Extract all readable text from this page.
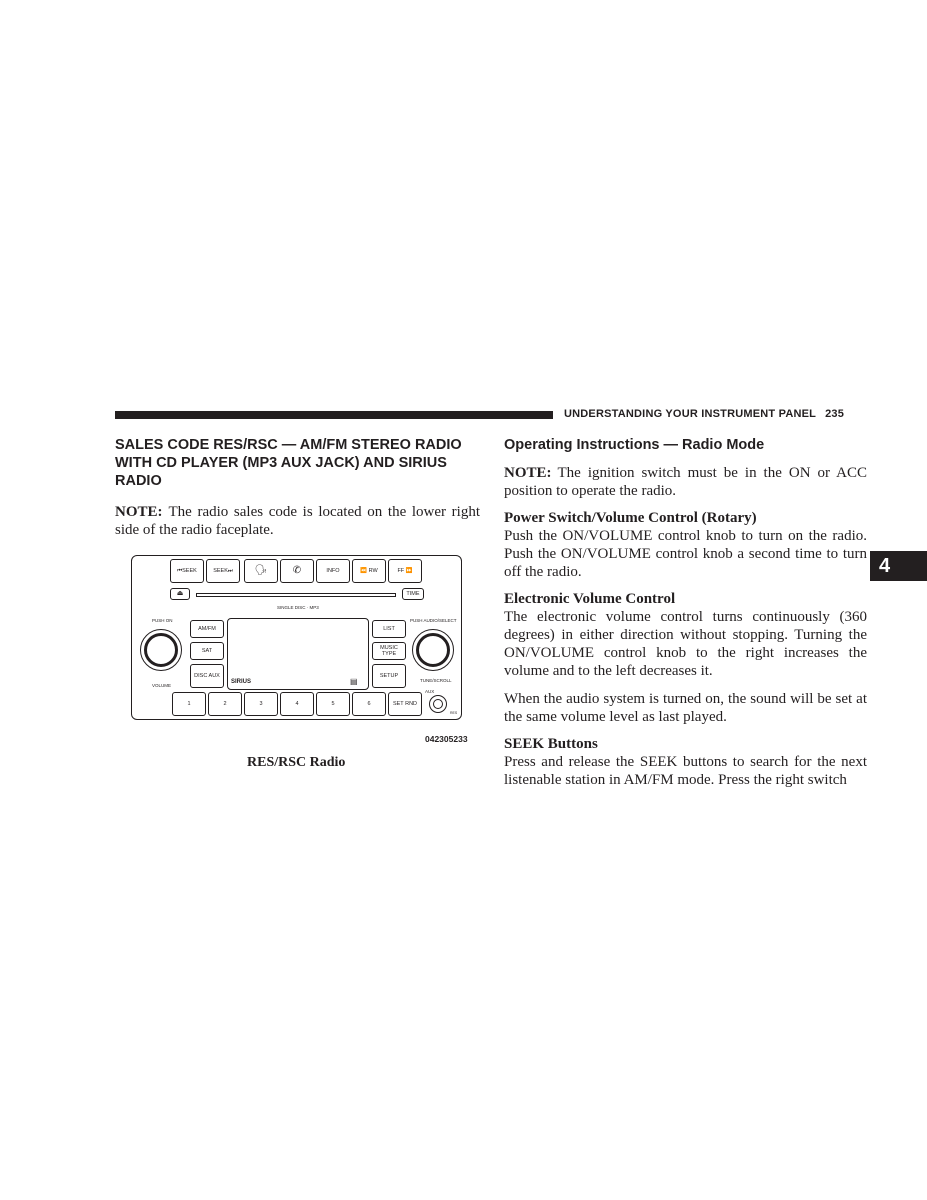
UNDERSTANDING YOUR INSTRUMENT PANEL 235
4
SALES CODE RES/RSC — AM/FM STEREO RADIO WITH CD PLAYER (MP3 AUX JACK) AND SIRIUS RADIO
NOTE: The radio sales code is located on the lower right side of the radio faceplate.
⏮SEEK	SEEK⏭	🗣	✆	INFO	⏪ RW	FF ⏩
⏏	TIME
SINGLE DISC · MP3
PUSH ON
VOLUME
AM/FM
SAT
DISC AUX
SIRIUS	▤
LIST
MUSIC TYPE
SETUP
PUSH AUDIO/SELECT
TUNE/SCROLL
1	2	3	4	5	6	SET RND
AUX
RES
042305233
RES/RSC Radio
Operating Instructions — Radio Mode
NOTE: The ignition switch must be in the ON or ACC position to operate the radio.
Power Switch/Volume Control (Rotary)
Push the ON/VOLUME control knob to turn on the radio. Push the ON/VOLUME control knob a second time to turn off the radio.
Electronic Volume Control
The electronic volume control turns continuously (360 degrees) in either direction without stopping. Turning the ON/VOLUME control knob to the right increases the volume and to the left decreases it.
When the audio system is turned on, the sound will be set at the same volume level as last played.
SEEK Buttons
Press and release the SEEK buttons to search for the next listenable station in AM/FM mode. Press the right switch
